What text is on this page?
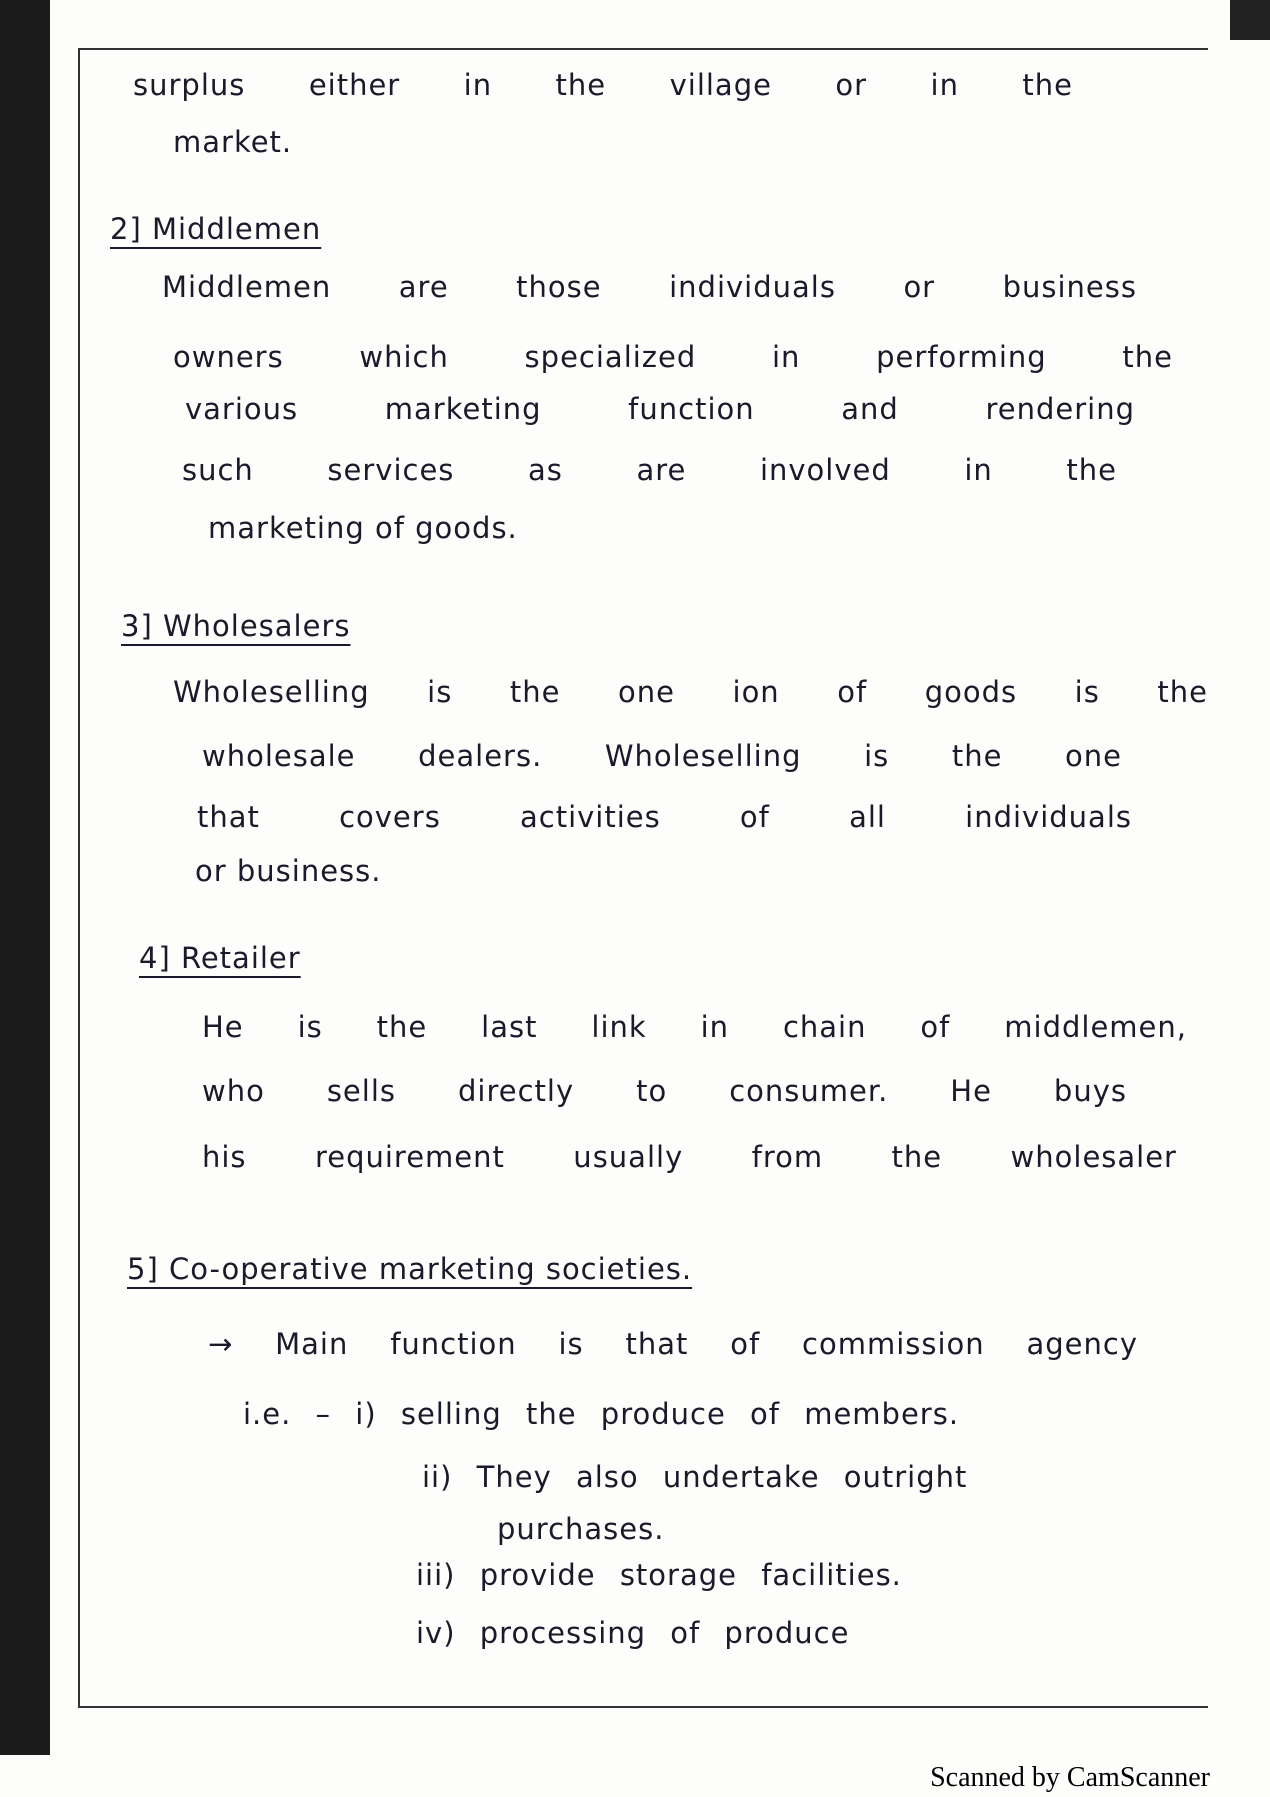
surplus either in the village or in the
market.
2] Middlemen
Middlemen are those individuals or business
owners which specialized in performing the
various marketing function and rendering
such services as are involved in the
marketing of goods.
3] Wholesalers
Wholeselling is the one ion of goods is the
wholesale dealers. Wholeselling is the one
that covers activities of all individuals
or business.
4] Retailer
He is the last link in chain of middlemen,
who sells directly to consumer. He buys
his requirement usually from the wholesaler
5] Co-operative marketing societies.
→ Main function is that of commission agency
i.e. – i) selling the produce of members.
ii) They also undertake outright
purchases.
iii) provide storage facilities.
iv) processing of produce
Scanned by CamScanner
